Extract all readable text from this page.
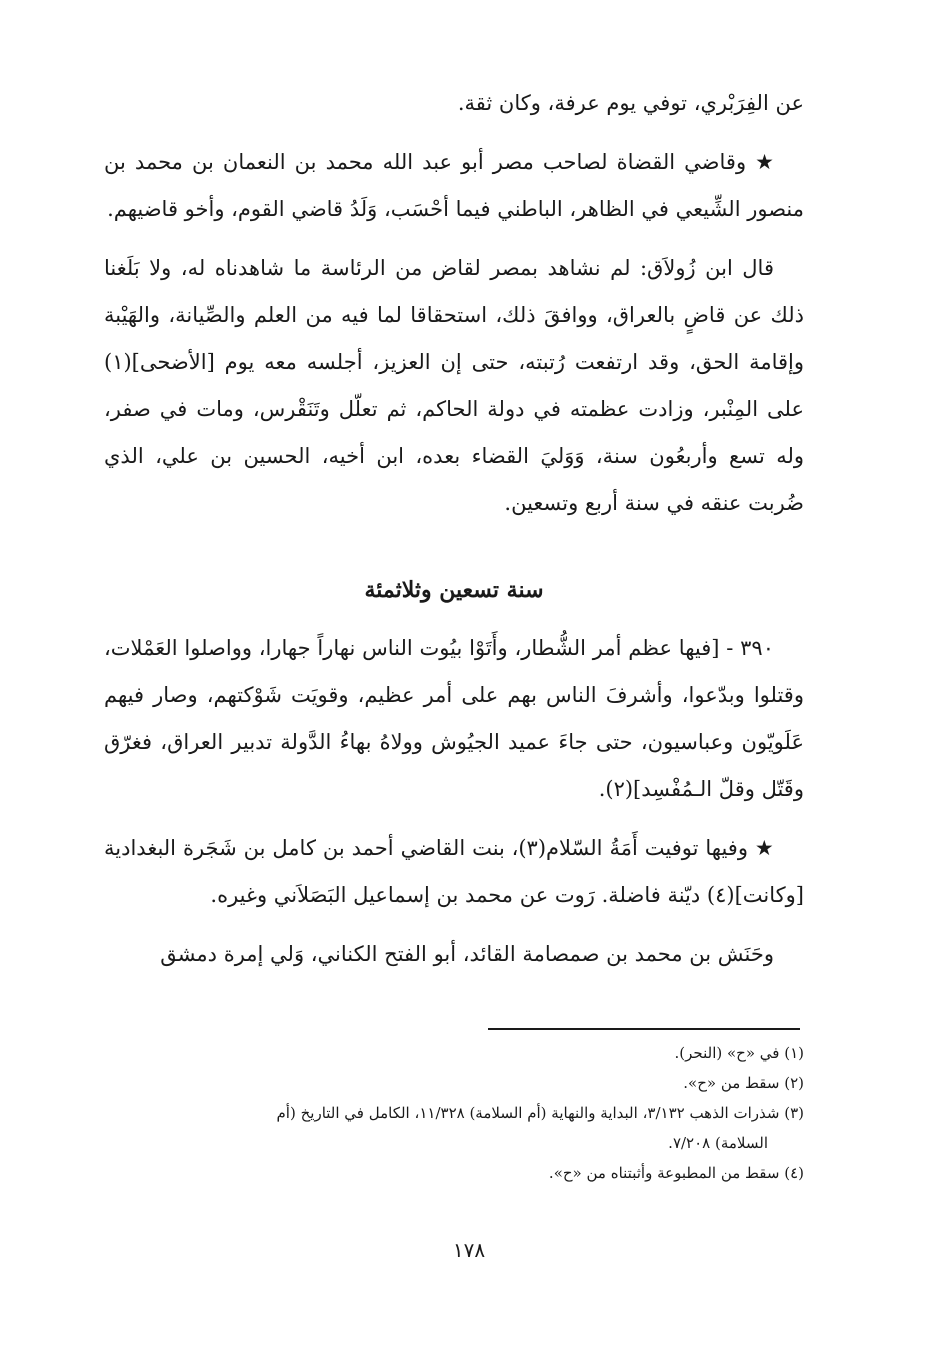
عن الفِرَبْري، توفي يوم عرفة، وكان ثقة.

★ وقاضي القضاة لصاحب مصر أبو عبد الله محمد بن النعمان بن محمد بن منصور الشِّيعي في الظاهر، الباطني فيما أحْسَب، وَلَدُ قاضي القوم، وأخو قاضيهم.

قال ابن زُولاَق: لم نشاهد بمصر لقاض من الرئاسة ما شاهدناه له، ولا بَلَغنا ذلك عن قاضٍ بالعراق، ووافقَ ذلك، استحقاقا لما فيه من العلم والصِّيانة، والهَيْبة وإقامة الحق، وقد ارتفعت رُتبته، حتى إن العزيز، أجلسه معه يوم [الأضحى](١) على المِنْبر، وزادت عظمته في دولة الحاكم، ثم تعلّل وتَنَقْرس، ومات في صفر، وله تسع وأربعُون سنة، وَوَليَ القضاء بعده، ابن أخيه، الحسين بن علي، الذي ضُربت عنقه في سنة أربع وتسعين.

سنة تسعين وثلاثمئة

٣٩٠ - [فيها عظم أمر الشُّطار، وأَتَوْا بيُوت الناس نهاراً جهارا، وواصلوا العَمْلات، وقتلوا وبدّعوا، وأشرفَ الناس بهم على أمر عظيم، وقويَت شَوْكتهم، وصار فيهم عَلَويّون وعباسيون، حتى جاءَ عميد الجيُوش وولاهُ بهاءُ الدَّولة تدبير العراق، فغرّق وقَتّل وقلّ الـمُفْسِد](٢).

★ وفيها توفيت أَمَةُ السّلام(٣)، بنت القاضي أحمد بن كامل بن شَجَرة البغدادية [وكانت](٤) ديّنة فاضلة. رَوت عن محمد بن إسماعيل البَصَلاَني وغيره.

وحَنَش بن محمد بن صمصامة القائد، أبو الفتح الكناني، وَلي إمرة دمشق

(١) في «ح» (النحر).

(٢) سقط من «ح».

(٣) شذرات الذهب ٣/١٣٢، البداية والنهاية (أم السلامة) ١١/٣٢٨، الكامل في التاريخ (أم

السلامة) ٧/٢٠٨.

(٤) سقط من المطبوعة وأثبتناه من «ح».

١٧٨
